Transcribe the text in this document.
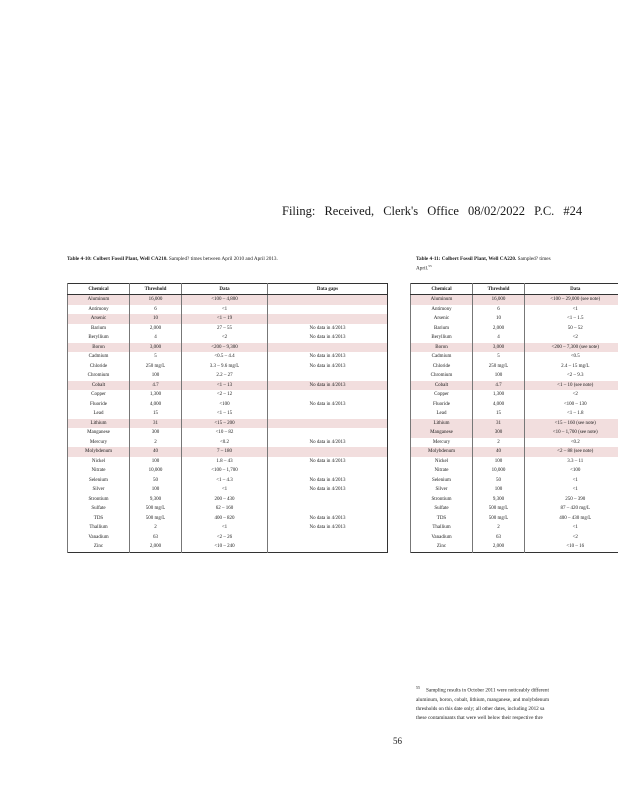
Filing: Received, Clerk's Office 08/02/2022 P.C. #24
Table 4-10: Colbert Fossil Plant, Well CA210. Sampled? times between April 2010 and April 2013.	Table 4-11: Colbert Fossil Plant, Well CA220. Sampled? times
April.$^{55}$
Chemical	Threshold	Data	Data gaps
Aluminum	16,000	<100 – 4,800	
Antimony	6	<1	
Arsenic	10	<1 – 19	
Barium	2,000	27 – 55	No data in 4/2013
Beryllium	4	<2	No data in 4/2013
Boron	3,000	<200 – 9,300	
Cadmium	5	<0.5 – 4.4	No data in 4/2013
Chloride	250 mg/L	3.3 – 9.6 mg/L	No data in 4/2013
Chromium	100	2.2 – 27	
Cobalt	4.7	<1 – 13	No data in 4/2013
Copper	1,300	<2 – 12	
Fluoride	4,000	<100	No data in 4/2013
Lead	15	<1 – 15	
Lithium	31	<15 – 200	
Manganese	300	<10 – 82	
Mercury	2	<0.2	No data in 4/2013
Molybdenum	40	7 – 180	
Nickel	100	1.8 – 43	No data in 4/2013
Nitrate	10,000	<100 – 1,700	
Selenium	50	<1 – 4.3	No data in 4/2013
Silver	100	<1	No data in 4/2013
Strontium	9,300	200 – 430	
Sulfate	500 mg/L	62 – 160	
TDS	500 mg/L	400 – 820	No data in 4/2013
Thallium	2	<1	No data in 4/2013
Vanadium	63	<2 – 26	
Zinc	2,000	<10 – 240	
Chemical	Threshold	Data
Aluminum	16,000	<100 – 29,000 (see note)
Antimony	6	<1
Arsenic	10	<1 – 1.5
Barium	2,000	50 – 52
Beryllium	4	<2
Boron	3,000	<200 – 7,300 (see note)
Cadmium	5	<0.5
Chloride	250 mg/L	2.4 – 15 mg/L
Chromium	100	<2 – 9.3
Cobalt	4.7	<1 – 10 (see note)
Copper	1,300	<2
Fluoride	4,000	<100 – 130
Lead	15	<1 – 1.8
Lithium	31	<15 – 160 (see note)
Manganese	300	<10 – 1,700 (see note)
Mercury	2	<0.2
Molybdenum	40	<2 – 88 (see note)
Nickel	100	3.3 – 11
Nitrate	10,000	<100
Selenium	50	<1
Silver	100	<1
Strontium	9,300	250 – 390
Sulfate	500 mg/L	87 – 420 mg/L
TDS	500 mg/L	400 – 430 mg/L
Thallium	2	<1
Vanadium	63	<2
Zinc	2,000	<10 – 16
$^{55}$Sampling results in October 2011 were noticeably different
aluminum, boron, cobalt, lithium, manganese, and molybdenum
thresholds on this date only; all other dates, including 2012 sa
these contaminants that were well below their respective thre
56
